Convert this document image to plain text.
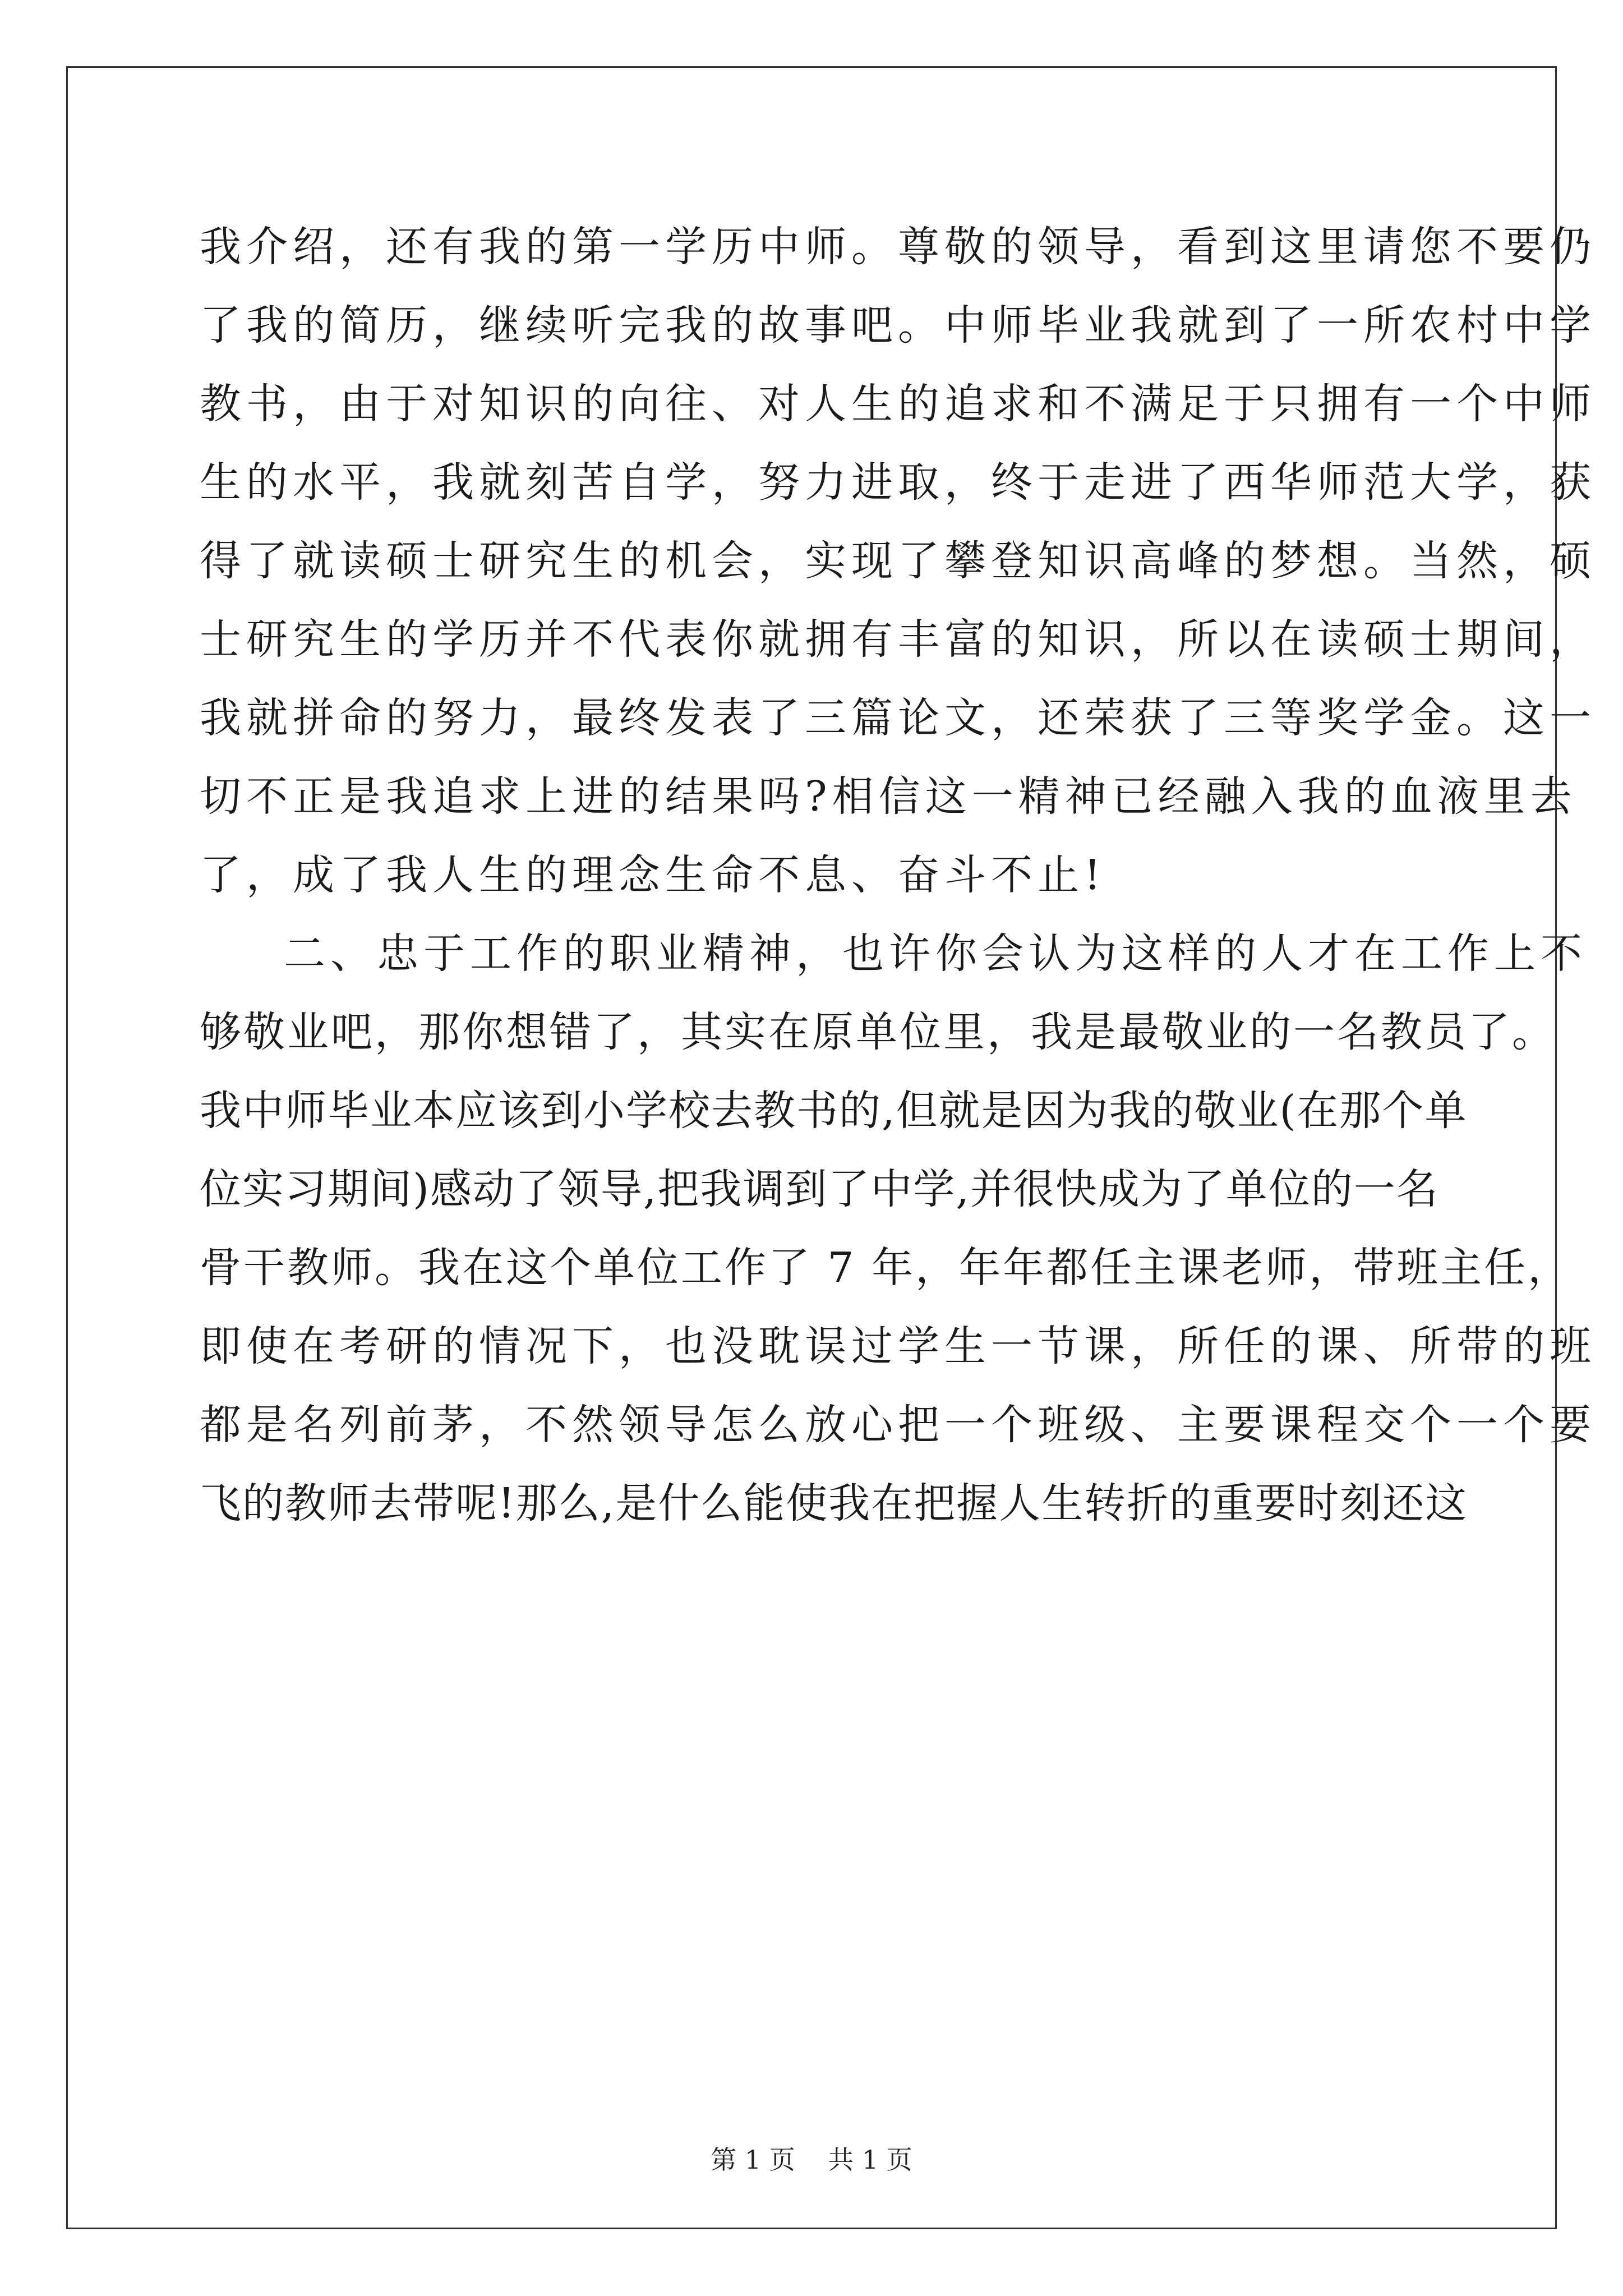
我介绍，还有我的第一学历中师。尊敬的领导，看到这里请您不要仍
了我的简历，继续听完我的故事吧。中师毕业我就到了一所农村中学
教书，由于对知识的向往、对人生的追求和不满足于只拥有一个中师
生的水平，我就刻苦自学，努力进取，终于走进了西华师范大学，获
得了就读硕士研究生的机会，实现了攀登知识高峰的梦想。当然，硕
士研究生的学历并不代表你就拥有丰富的知识，所以在读硕士期间，
我就拼命的努力，最终发表了三篇论文，还荣获了三等奖学金。这一
切不正是我追求上进的结果吗?相信这一精神已经融入我的血液里去
了，成了我人生的理念生命不息、奋斗不止!
二、忠于工作的职业精神，也许你会认为这样的人才在工作上不
够敬业吧，那你想错了，其实在原单位里，我是最敬业的一名教员了。
我中师毕业本应该到小学校去教书的,但就是因为我的敬业(在那个单
位实习期间)感动了领导,把我调到了中学,并很快成为了单位的一名
骨干教师。我在这个单位工作了 7 年，年年都任主课老师，带班主任，
即使在考研的情况下，也没耽误过学生一节课，所任的课、所带的班
都是名列前茅，不然领导怎么放心把一个班级、主要课程交个一个要
飞的教师去带呢!那么,是什么能使我在把握人生转折的重要时刻还这
第 1 页    共 1 页
